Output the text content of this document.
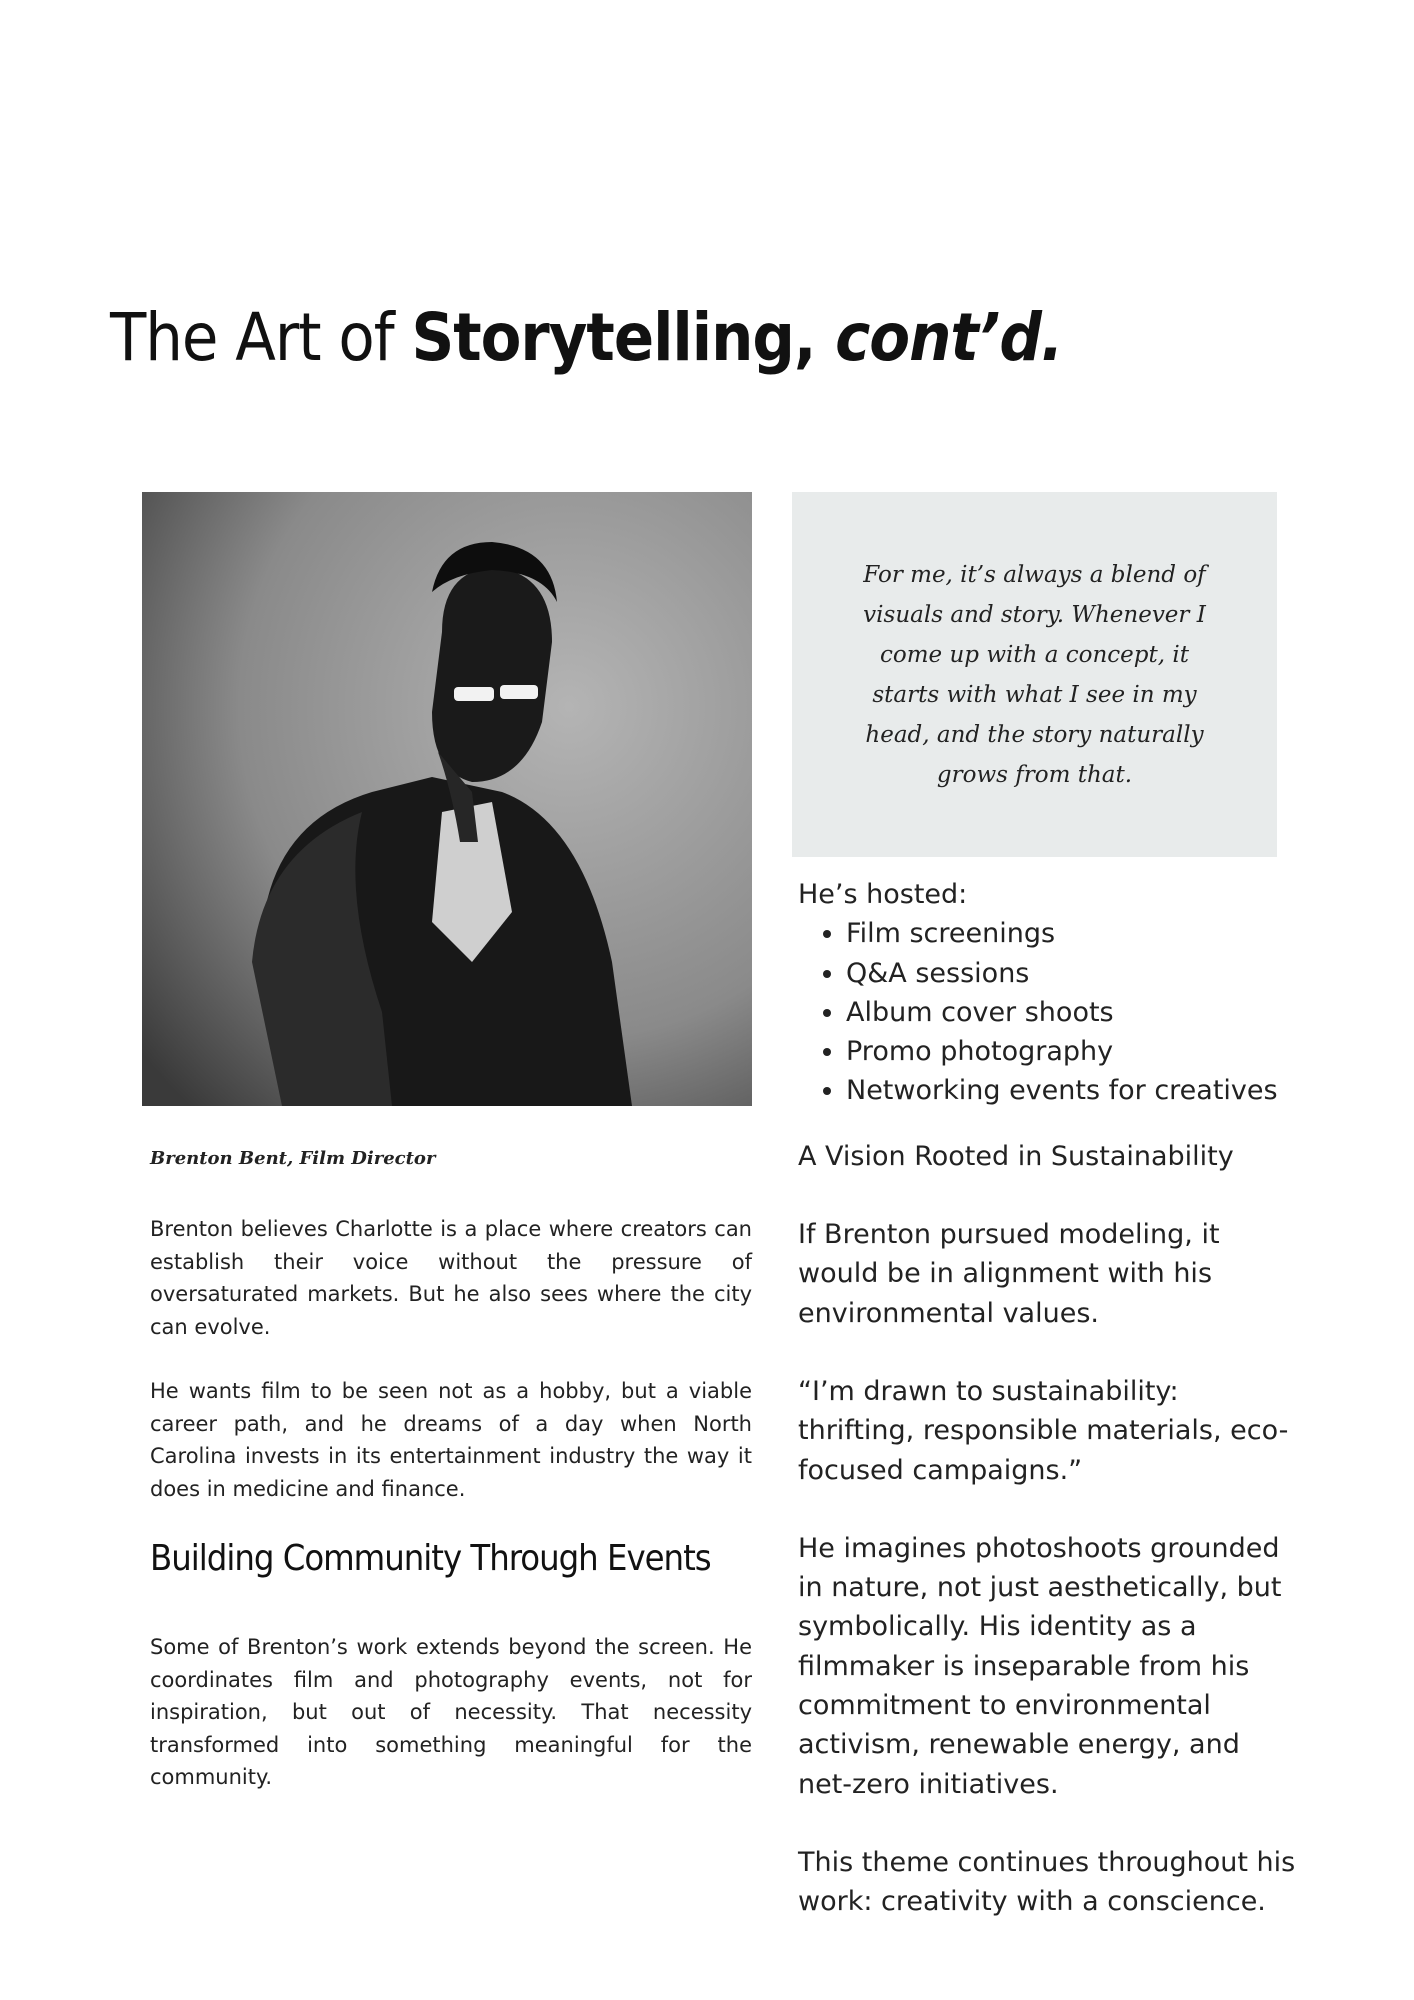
The Art of Storytelling, cont’d.

For me, it’s always a blend of visuals and story. Whenever I come up with a concept, it starts with what I see in my head, and the story naturally grows from that.

Brenton Bent, Film Director

Brenton believes Charlotte is a place where creators can establish their voice without the pressure of oversaturated markets. But he also sees where the city can evolve.

He wants film to be seen not as a hobby, but a viable career path, and he dreams of a day when North Carolina invests in its entertainment industry the way it does in medicine and finance.

Building Community Through Events

Some of Brenton’s work extends beyond the screen. He coordinates film and photography events, not for inspiration, but out of necessity. That necessity transformed into something meaningful for the community.

He’s hosted:

• Film screenings
• Q&A sessions
• Album cover shoots
• Promo photography
• Networking events for creatives

A Vision Rooted in Sustainability

If Brenton pursued modeling, it would be in alignment with his environmental values.

“I’m drawn to sustainability: thrifting, responsible materials, eco-focused campaigns.”

He imagines photoshoots grounded in nature, not just aesthetically, but symbolically. His identity as a filmmaker is inseparable from his commitment to environmental activism, renewable energy, and net-zero initiatives.

This theme continues throughout his work: creativity with a conscience.
